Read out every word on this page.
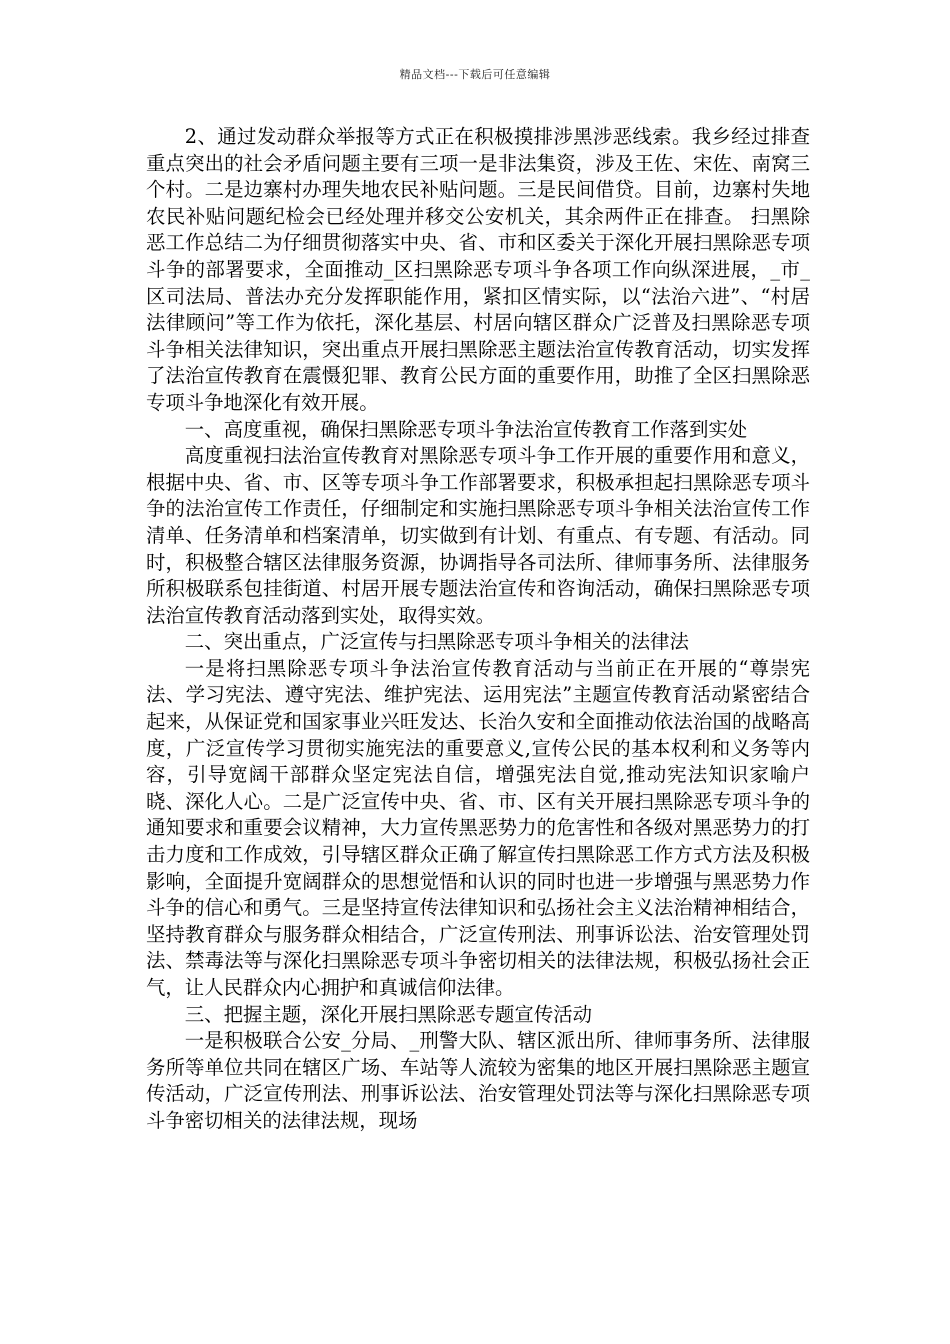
精品文档---下载后可任意编辑

2、通过发动群众举报等方式正在积极摸排涉黑涉恶线索。我乡经过排查重点突出的社会矛盾问题主要有三项一是非法集资，涉及王佐、宋佐、南窝三个村。二是边寨村办理失地农民补贴问题。三是民间借贷。目前，边寨村失地农民补贴问题纪检会已经处理并移交公安机关，其余两件正在排查。 扫黑除恶工作总结二为仔细贯彻落实中央、省、市和区委关于深化开展扫黑除恶专项斗争的部署要求，全面推动_区扫黑除恶专项斗争各项工作向纵深进展，_市_区司法局、普法办充分发挥职能作用，紧扣区情实际，以“法治六进”、“村居法律顾问”等工作为依托，深化基层、村居向辖区群众广泛普及扫黑除恶专项斗争相关法律知识，突出重点开展扫黑除恶主题法治宣传教育活动，切实发挥了法治宣传教育在震慑犯罪、教育公民方面的重要作用，助推了全区扫黑除恶专项斗争地深化有效开展。

一、高度重视，确保扫黑除恶专项斗争法治宣传教育工作落到实处

高度重视扫法治宣传教育对黑除恶专项斗争工作开展的重要作用和意义，根据中央、省、市、区等专项斗争工作部署要求，积极承担起扫黑除恶专项斗争的法治宣传工作责任，仔细制定和实施扫黑除恶专项斗争相关法治宣传工作清单、任务清单和档案清单，切实做到有计划、有重点、有专题、有活动。同时，积极整合辖区法律服务资源，协调指导各司法所、律师事务所、法律服务所积极联系包挂街道、村居开展专题法治宣传和咨询活动，确保扫黑除恶专项法治宣传教育活动落到实处，取得实效。

二、突出重点，广泛宣传与扫黑除恶专项斗争相关的法律法

一是将扫黑除恶专项斗争法治宣传教育活动与当前正在开展的“尊崇宪法、学习宪法、遵守宪法、维护宪法、运用宪法”主题宣传教育活动紧密结合起来，从保证党和国家事业兴旺发达、长治久安和全面推动依法治国的战略高度，广泛宣传学习贯彻实施宪法的重要意义,宣传公民的基本权利和义务等内容，引导宽阔干部群众坚定宪法自信，增强宪法自觉,推动宪法知识家喻户晓、深化人心。二是广泛宣传中央、省、市、区有关开展扫黑除恶专项斗争的通知要求和重要会议精神，大力宣传黑恶势力的危害性和各级对黑恶势力的打击力度和工作成效，引导辖区群众正确了解宣传扫黑除恶工作方式方法及积极影响，全面提升宽阔群众的思想觉悟和认识的同时也进一步增强与黑恶势力作斗争的信心和勇气。三是坚持宣传法律知识和弘扬社会主义法治精神相结合，坚持教育群众与服务群众相结合，广泛宣传刑法、刑事诉讼法、治安管理处罚法、禁毒法等与深化扫黑除恶专项斗争密切相关的法律法规，积极弘扬社会正气，让人民群众内心拥护和真诚信仰法律。

三、把握主题，深化开展扫黑除恶专题宣传活动

一是积极联合公安_分局、_刑警大队、辖区派出所、律师事务所、法律服务所等单位共同在辖区广场、车站等人流较为密集的地区开展扫黑除恶主题宣传活动，广泛宣传刑法、刑事诉讼法、治安管理处罚法等与深化扫黑除恶专项斗争密切相关的法律法规，现场
